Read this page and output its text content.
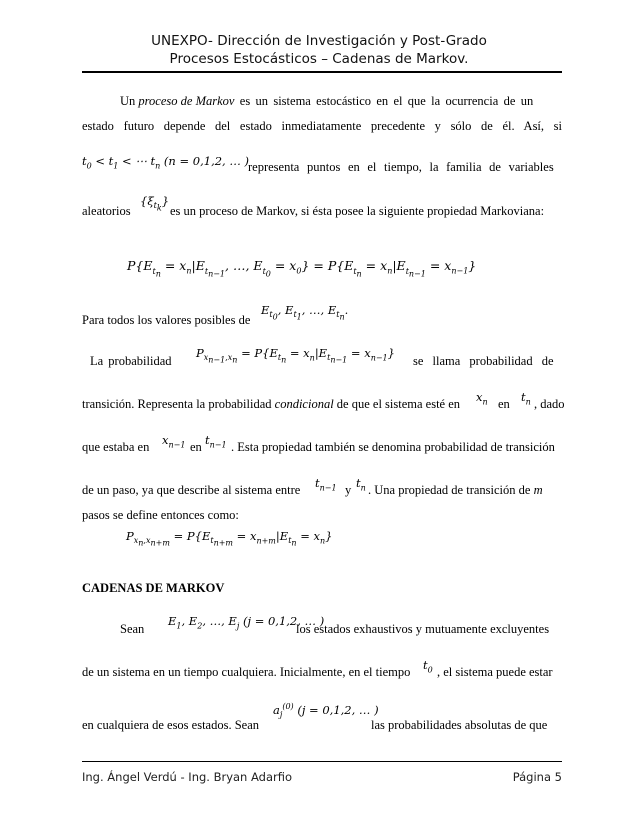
UNEXPO- Dirección de Investigación y Post-Grado
Procesos Estocásticos – Cadenas de Markov.
Un proceso de Markov es un sistema estocástico en el que la ocurrencia de un
estado futuro depende del estado inmediatamente precedente y sólo de él. Así, si
$t_0 < t_1$ < ⋯ $t_n$ (n = 0,1,2, … ) representa puntos en el tiempo, la familia de variables
aleatorios
$\{\xi_{t_k}\}$
es un proceso de Markov, si ésta posee la siguiente propiedad Markoviana:
$P\{E_{t_n} = x_n|E_{t_{n-1}}$, …, $E_{t_0} = x_0\} = P\{E_{t_n} = x_n|E_{t_{n-1}} = x_{n-1}\}$
Para todos los valores posibles de
$E_{t_0}$, $E_{t_1}$, …, $E_{t_n}$.
La probabilidad
$P_{x_{n-1},x_n} = P\{E_{t_n} = x_n|E_{t_{n-1}} = x_{n-1}\}$
se llama probabilidad de
transición. Representa la probabilidad condicional de que el sistema esté en $x_n$ en $t_n$ , dado
que estaba en $x_{n-1}$ en $t_{n-1}$ . Esta propiedad también se denomina probabilidad de transición
de un paso, ya que describe al sistema entre $t_{n-1}$ y $t_n$ . Una propiedad de transición de m
pasos se define entonces como:
$P_{x_n,x_{n+m}} = P\{E_{t_{n+m}} = x_{n+m}|E_{t_n} = x_n\}$
CADENAS DE MARKOV
Sean
$E_1$, $E_2$, …, $E_j$ (j = 0,1,2, … )
los estados exhaustivos y mutuamente excluyentes
de un sistema en un tiempo cualquiera. Inicialmente, en el tiempo $t_0$ , el sistema puede estar
en cualquiera de esos estados. Sean
$a_j^{(0)}$ (j = 0,1,2, … )
las probabilidades absolutas de que
Ing. Ángel Verdú - Ing. Bryan Adarfio	Página 5
